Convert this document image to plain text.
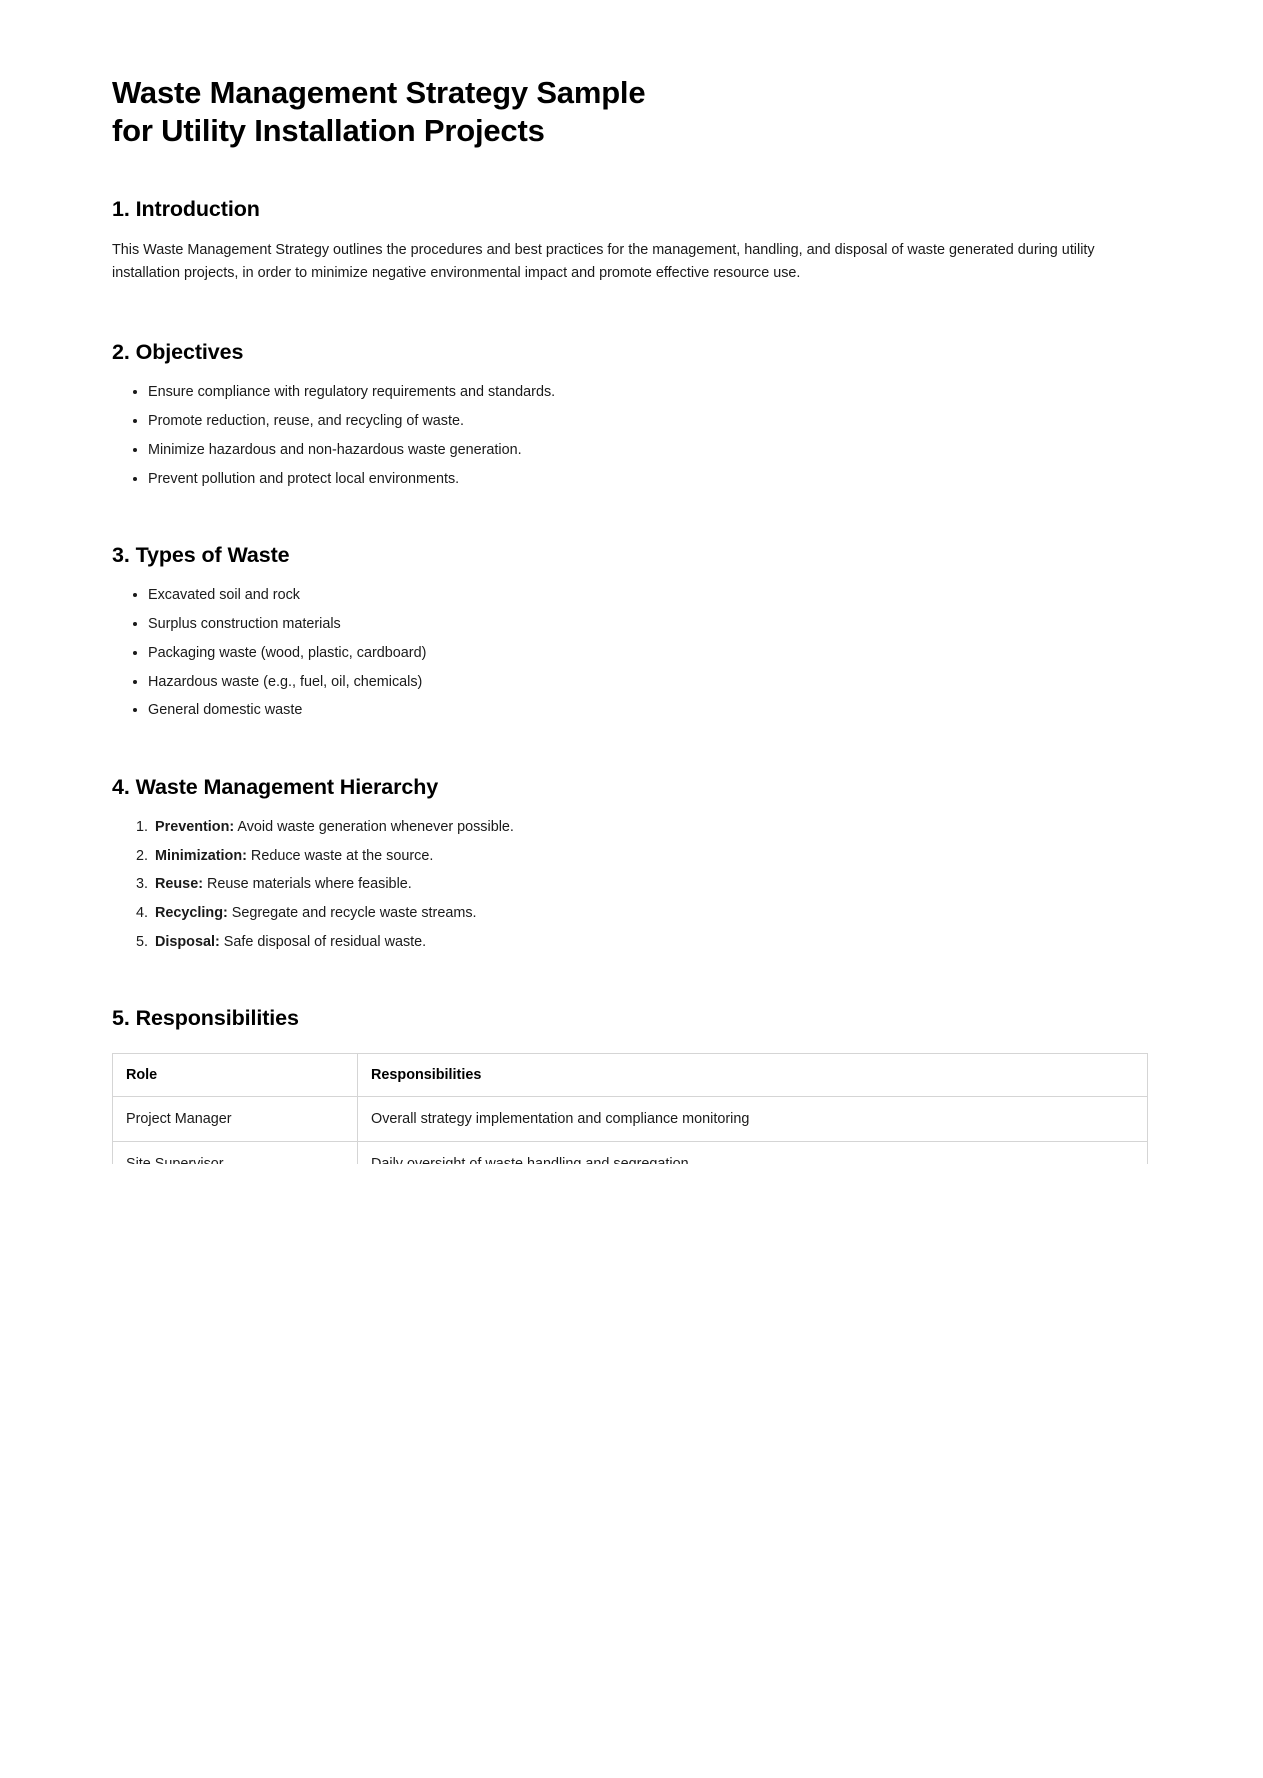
Waste Management Strategy Sample
for Utility Installation Projects
1. Introduction

This Waste Management Strategy outlines the procedures and best practices for the management, handling, and disposal of waste generated during utility installation projects, in order to minimize negative environmental impact and promote effective resource use.

2. Objectives
• Ensure compliance with regulatory requirements and standards.
• Promote reduction, reuse, and recycling of waste.
• Minimize hazardous and non-hazardous waste generation.
• Prevent pollution and protect local environments.
3. Types of Waste
• Excavated soil and rock
• Surplus construction materials
• Packaging waste (wood, plastic, cardboard)
• Hazardous waste (e.g., fuel, oil, chemicals)
• General domestic waste
4. Waste Management Hierarchy
1. Prevention: Avoid waste generation whenever possible.
2. Minimization: Reduce waste at the source.
3. Reuse: Reuse materials where feasible.
4. Recycling: Segregate and recycle waste streams.
5. Disposal: Safe disposal of residual waste.
5. Responsibilities
Role	Responsibilities
Project Manager	Overall strategy implementation and compliance monitoring

•
•
•
